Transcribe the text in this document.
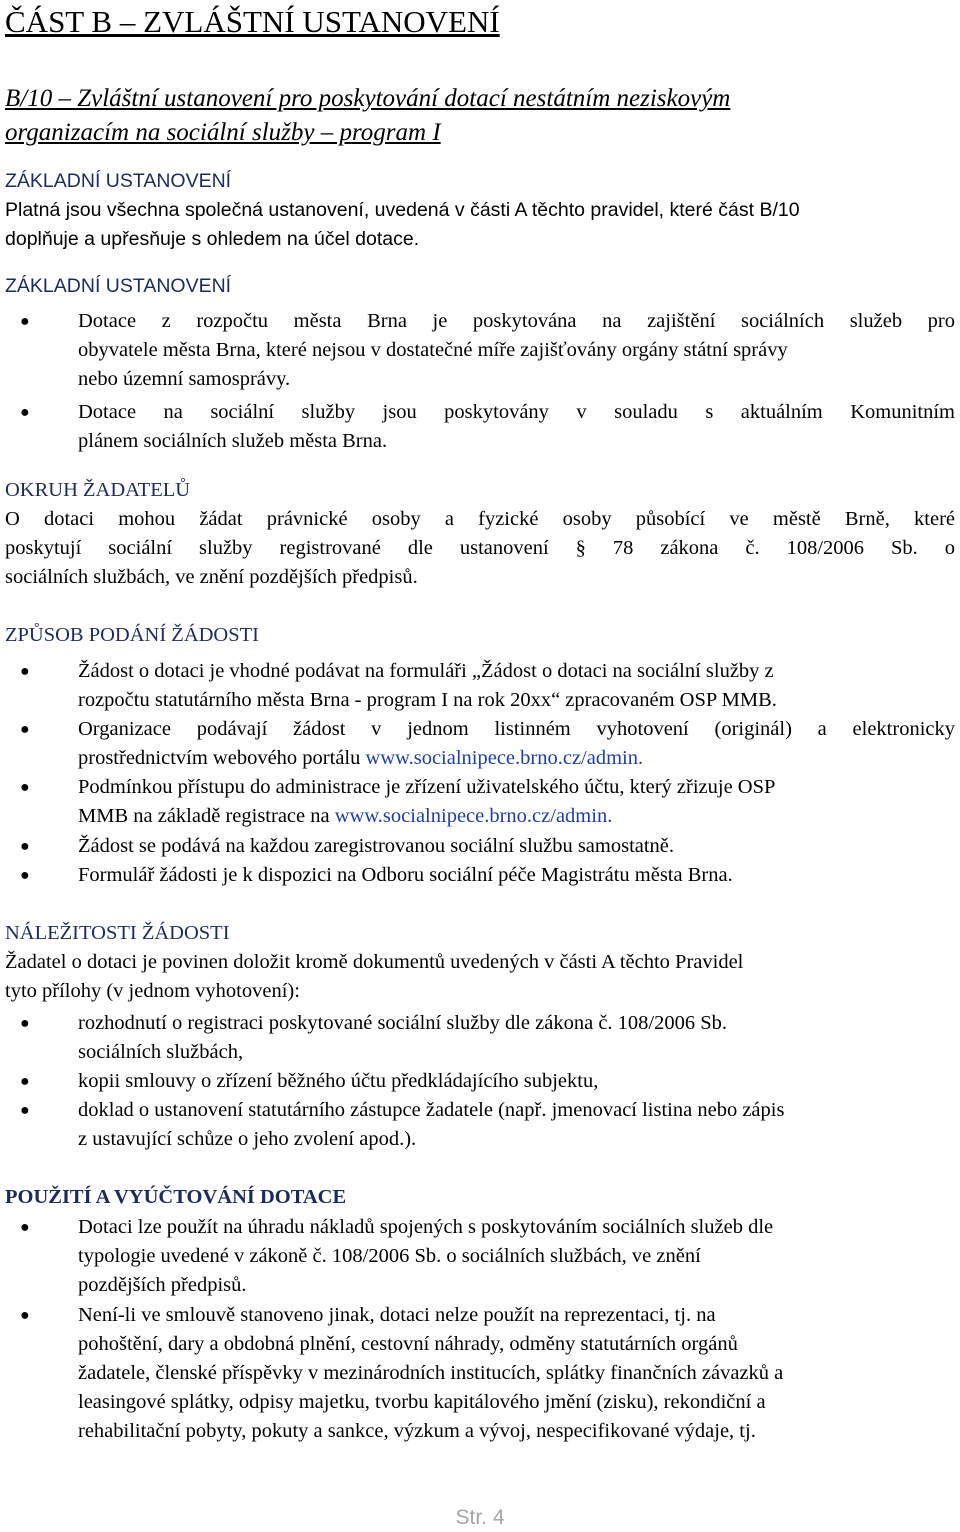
ČÁST B – ZVLÁŠTNÍ USTANOVENÍ
B/10 – Zvláštní ustanovení pro poskytování dotací nestátním neziskovým
organizacím na sociální služby – program I
ZÁKLADNÍ USTANOVENÍ
Platná jsou všechna společná ustanovení, uvedená v části A těchto pravidel, které část B/10
doplňuje a upřesňuje s ohledem na účel dotace.
ZÁKLADNÍ USTANOVENÍ
● Dotace z rozpočtu města Brna je poskytována na zajištění sociálních služeb pro
obyvatele města Brna, které nejsou v dostatečné míře zajišťovány orgány státní správy
nebo územní samosprávy.
● Dotace na sociální služby jsou poskytovány v souladu s aktuálním Komunitním
plánem sociálních služeb města Brna.
OKRUH ŽADATELŮ
O dotaci mohou žádat právnické osoby a fyzické osoby působící ve městě Brně, které
poskytují sociální služby registrované dle ustanovení § 78 zákona č. 108/2006 Sb. o
sociálních službách, ve znění pozdějších předpisů.
ZPŮSOB PODÁNÍ ŽÁDOSTI
● Žádost o dotaci je vhodné podávat na formuláři „Žádost o dotaci na sociální služby z
rozpočtu statutárního města Brna - program I na rok 20xx“ zpracovaném OSP MMB.
● Organizace podávají žádost v jednom listinném vyhotovení (originál) a elektronicky
prostřednictvím webového portálu www.socialnipece.brno.cz/admin.
● Podmínkou přístupu do administrace je zřízení uživatelského účtu, který zřizuje OSP
MMB na základě registrace na www.socialnipece.brno.cz/admin.
● Žádost se podává na každou zaregistrovanou sociální službu samostatně.
● Formulář žádosti je k dispozici na Odboru sociální péče Magistrátu města Brna.
NÁLEŽITOSTI ŽÁDOSTI
Žadatel o dotaci je povinen doložit kromě dokumentů uvedených v části A těchto Pravidel
tyto přílohy (v jednom vyhotovení):
● rozhodnutí o registraci poskytované sociální služby dle zákona č. 108/2006 Sb.
sociálních službách,
● kopii smlouvy o zřízení běžného účtu předkládajícího subjektu,
● doklad o ustanovení statutárního zástupce žadatele (např. jmenovací listina nebo zápis
z ustavující schůze o jeho zvolení apod.).
POUŽITÍ A VYÚČTOVÁNÍ DOTACE
● Dotaci lze použít na úhradu nákladů spojených s poskytováním sociálních služeb dle
typologie uvedené v zákoně č. 108/2006 Sb. o sociálních službách, ve znění
pozdějších předpisů.
● Není-li ve smlouvě stanoveno jinak, dotaci nelze použít na reprezentaci, tj. na
pohoštění, dary a obdobná plnění, cestovní náhrady, odměny statutárních orgánů
žadatele, členské příspěvky v mezinárodních institucích, splátky finančních závazků a
leasingové splátky, odpisy majetku, tvorbu kapitálového jmění (zisku), rekondiční a
rehabilitační pobyty, pokuty a sankce, výzkum a vývoj, nespecifikované výdaje, tj.
Str. 4
